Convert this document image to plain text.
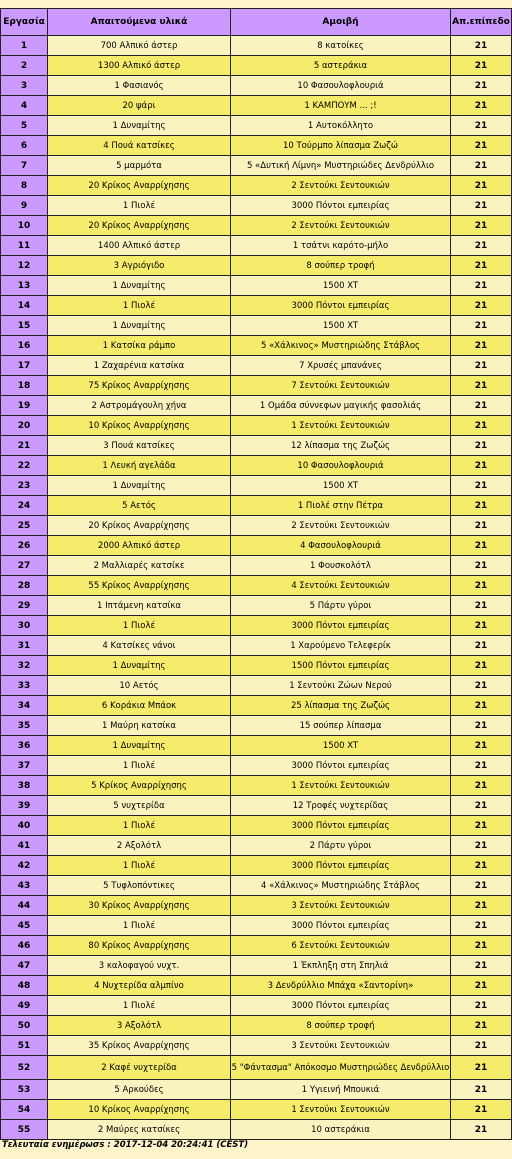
Εργασία	Απαιτούμενα υλικά	Αμοιβή	Απ.επίπεδο
1	700 Αλπικό άστερ	8 κατοίκες	21
2	1300 Αλπικό άστερ	5 αστεράκια	21
3	1 Φασιανός	10 Φασουλοφλουριά	21
4	20 ψάρι	1 ΚΑΜΠΟΥΜ ... ;!	21
5	1 Δυναμίτης	1 Αυτοκόλλητο	21
6	4 Πουά κατσίκες	10 Τούρμπο λίπασμα Ζωζώ	21
7	5 μαρμότα	5 «Δυτική Λίμνη» Μυστηριώδες Δενδρύλλιο	21
8	20 Κρίκος Αναρρίχησης	2 Σεντούκι Σεντουκιών	21
9	1 Πιολέ	3000 Πόντοι εμπειρίας	21
10	20 Κρίκος Αναρρίχησης	2 Σεντούκι Σεντουκιών	21
11	1400 Αλπικό άστερ	1 τσάτνι καρότο-μήλο	21
12	3 Αγριόγιδο	8 σούπερ τροφή	21
13	1 Δυναμίτης	1500 XT	21
14	1 Πιολέ	3000 Πόντοι εμπειρίας	21
15	1 Δυναμίτης	1500 XT	21
16	1 Κατσίκα ράμπο	5 «Χάλκινος» Μυστηριώδης Στάβλος	21
17	1 Ζαχαρένια κατσίκα	7 Χρυσές μπανάνες	21
18	75 Κρίκος Αναρρίχησης	7 Σεντούκι Σεντουκιών	21
19	2 Αστρομάγουλη χήνα	1 Ομάδα σύννεφων μαγικής φασολιάς	21
20	10 Κρίκος Αναρρίχησης	1 Σεντούκι Σεντουκιών	21
21	3 Πουά κατσίκες	12 λίπασμα της Ζωζώς	21
22	1 Λευκή αγελάδα	10 Φασουλοφλουριά	21
23	1 Δυναμίτης	1500 XT	21
24	5 Αετός	1 Πιολέ στην Πέτρα	21
25	20 Κρίκος Αναρρίχησης	2 Σεντούκι Σεντουκιών	21
26	2000 Αλπικό άστερ	4 Φασουλοφλουριά	21
27	2 Μαλλιαρές κατσίκε	1 Φουσκολότλ	21
28	55 Κρίκος Αναρρίχησης	4 Σεντούκι Σεντουκιών	21
29	1 Ιπτάμενη κατσίκα	5 Πάρτυ γύροι	21
30	1 Πιολέ	3000 Πόντοι εμπειρίας	21
31	4 Κατσίκες νάνοι	1 Χαρούμενο Τελεφερίκ	21
32	1 Δυναμίτης	1500 Πόντοι εμπειρίας	21
33	10 Αετός	1 Σεντούκι Ζώων Νερού	21
34	6 Κοράκια Μπάοκ	25 λίπασμα της Ζωζώς	21
35	1 Μαύρη κατσίκα	15 σούπερ λίπασμα	21
36	1 Δυναμίτης	1500 XT	21
37	1 Πιολέ	3000 Πόντοι εμπειρίας	21
38	5 Κρίκος Αναρρίχησης	1 Σεντούκι Σεντουκιών	21
39	5 νυχτερίδα	12 Τροφές νυχτερίδας	21
40	1 Πιολέ	3000 Πόντοι εμπειρίας	21
41	2 Αξολότλ	2 Πάρτυ γύροι	21
42	1 Πιολέ	3000 Πόντοι εμπειρίας	21
43	5 Τυφλοπόντικες	4 «Χάλκινος» Μυστηριώδης Στάβλος	21
44	30 Κρίκος Αναρρίχησης	3 Σεντούκι Σεντουκιών	21
45	1 Πιολέ	3000 Πόντοι εμπειρίας	21
46	80 Κρίκος Αναρρίχησης	6 Σεντούκι Σεντουκιών	21
47	3 καλοφαγού νυχτ.	1 Έκπληξη στη Σπηλιά	21
48	4 Νυχτερίδα αλμπίνο	3 Δενδρύλλιο Μπάχα «Σαντορίνη»	21
49	1 Πιολέ	3000 Πόντοι εμπειρίας	21
50	3 Αξολότλ	8 σούπερ τροφή	21
51	35 Κρίκος Αναρρίχησης	3 Σεντούκι Σεντουκιών	21
52	2 Καφέ νυχτερίδα	5 "Φάντασμα" Απόκοσμο Μυστηριώδες Δενδρύλλιο	21
53	5 Αρκούδες	1 Υγιεινή Μπουκιά	21
54	10 Κρίκος Αναρρίχησης	1 Σεντούκι Σεντουκιών	21
55	2 Μαύρες κατσίκες	10 αστεράκια	21
Τελευταία ενημέρωσs : 2017-12-04 20:24:41 (CEST)
